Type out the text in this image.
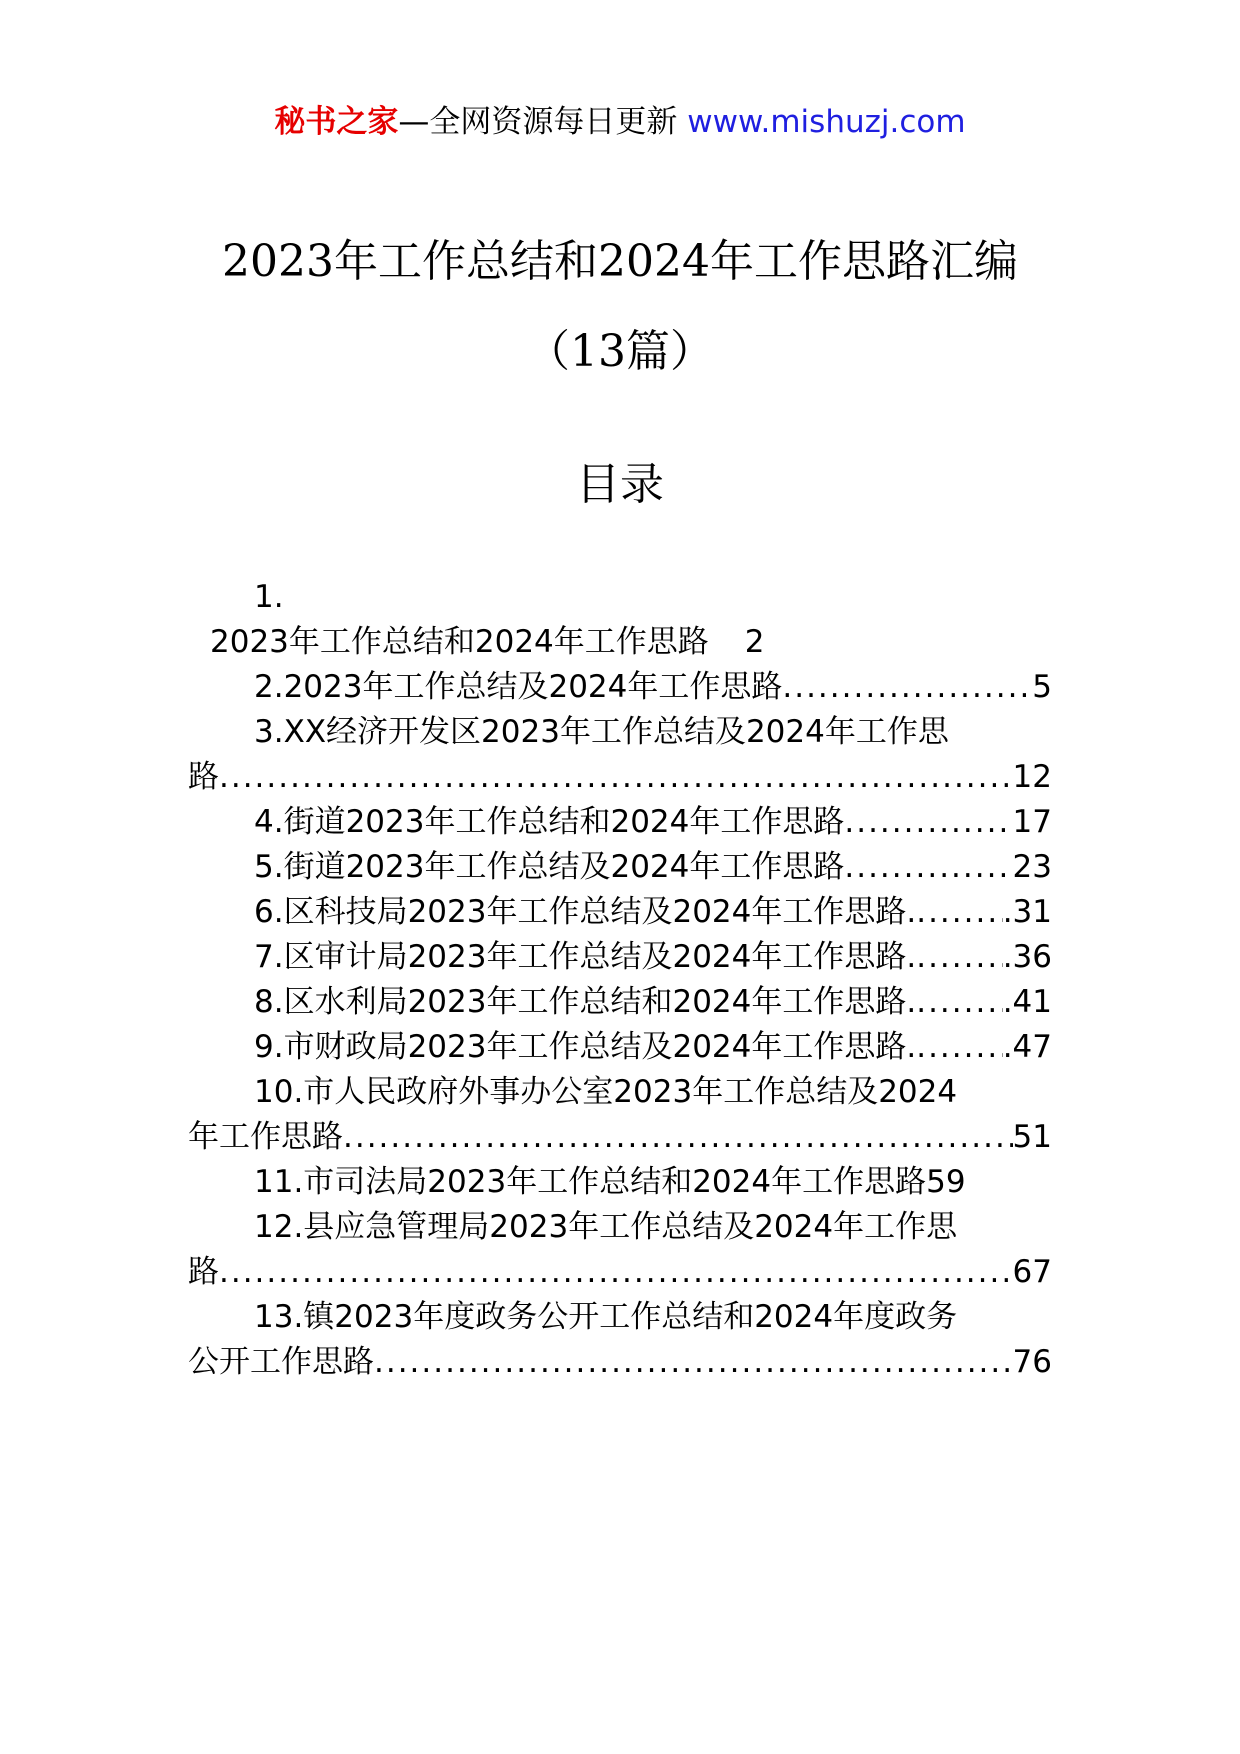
秘书之家—全网资源每日更新 www.mishuzj.com
2023年工作总结和2024年工作思路汇编
（13篇）
目录
1.
2023年工作总结和2024年工作思路 2
2.2023年工作总结及2024年工作思路 .....	5
3.XX经济开发区2023年工作总结及2024年工作思
路 .....	12
4.街道2023年工作总结和2024年工作思路 .....	17
5.街道2023年工作总结及2024年工作思路 .....	23
6.区科技局2023年工作总结及2024年工作思路. .....	.31
7.区审计局2023年工作总结及2024年工作思路. .....	.36
8.区水利局2023年工作总结和2024年工作思路. .....	.41
9.市财政局2023年工作总结及2024年工作思路. .....	.47
10.市人民政府外事办公室2023年工作总结及2024
年工作思路 .....	51
11.市司法局2023年工作总结和2024年工作思路 59
12.县应急管理局2023年工作总结及2024年工作思
路 .....	67
13.镇2023年度政务公开工作总结和2024年度政务
公开工作思路 .....	76
